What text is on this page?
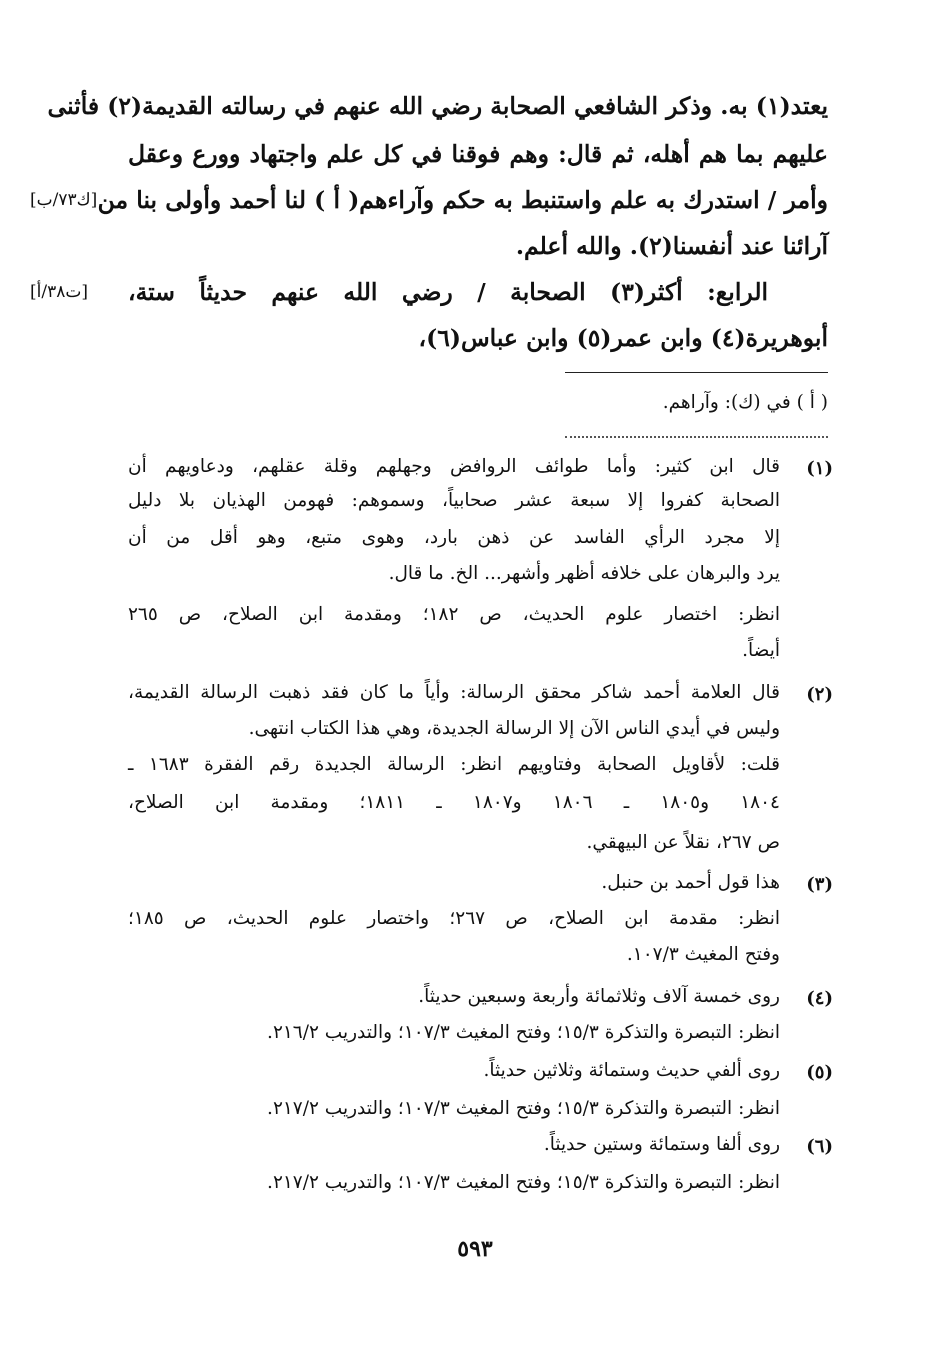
يعتد(١) به. وذكر الشافعي الصحابة رضي الله عنهم في رسالته القديمة(٢) فأثنى
عليهم بما هم أهله، ثم قال: وهم فوقنا في كل علم واجتهاد وورع وعقل
وأمر / استدرك به علم واستنبط به حكم وآراءهم( أ ) لنا أحمد وأولى بنا من
آرائنا عند أنفسنا(٢). والله أعلم.
الرابع: أكثر(٣) الصحابة / رضي الله عنهم حديثاً ستة،
أبوهريرة(٤) وابن عمر(٥) وابن عباس(٦)،
[ك٧٣/ب]
[ت٣٨/أ]
( أ ) في (ك): وآراهم.
(١)
قال ابن كثير: وأما طوائف الروافض وجهلهم وقلة عقلهم، ودعاويهم أن
الصحابة كفروا إلا سبعة عشر صحابياً، وسموهم: فهومن الهذيان بلا دليل
إلا مجرد الرأي الفاسد عن ذهن بارد، وهوى متبع، وهو أقل من أن
يرد والبرهان على خلافه أظهر وأشهر... الخ. ما قال.
انظر: اختصار علوم الحديث، ص ١٨٢؛ ومقدمة ابن الصلاح، ص ٢٦٥
أيضاً.
(٢)
قال العلامة أحمد شاكر محقق الرسالة: وأياً ما كان فقد ذهبت الرسالة القديمة،
وليس في أيدي الناس الآن إلا الرسالة الجديدة، وهي هذا الكتاب انتهى.
قلت: لأقاويل الصحابة وفتاويهم انظر: الرسالة الجديدة رقم الفقرة ١٦٨٣ ـ
١٨٠٤ و١٨٠٥ ـ ١٨٠٦ و١٨٠٧ ـ ١٨١١؛ ومقدمة ابن الصلاح،
ص ٢٦٧، نقلاً عن البيهقي.
(٣)
هذا قول أحمد بن حنبل.
انظر: مقدمة ابن الصلاح، ص ٢٦٧؛ واختصار علوم الحديث، ص ١٨٥؛
وفتح المغيث ١٠٧/٣.
(٤)
روى خمسة آلاف وثلاثمائة وأربعة وسبعين حديثاً.
انظر: التبصرة والتذكرة ١٥/٣؛ وفتح المغيث ١٠٧/٣؛ والتدريب ٢١٦/٢.
(٥)
روى ألفي حديث وستمائة وثلاثين حديثاً.
انظر: التبصرة والتذكرة ١٥/٣؛ وفتح المغيث ١٠٧/٣؛ والتدريب ٢١٧/٢.
(٦)
روى ألفا وستمائة وستين حديثاً.
انظر: التبصرة والتذكرة ١٥/٣؛ وفتح المغيث ١٠٧/٣؛ والتدريب ٢١٧/٢.
٥٩٣
